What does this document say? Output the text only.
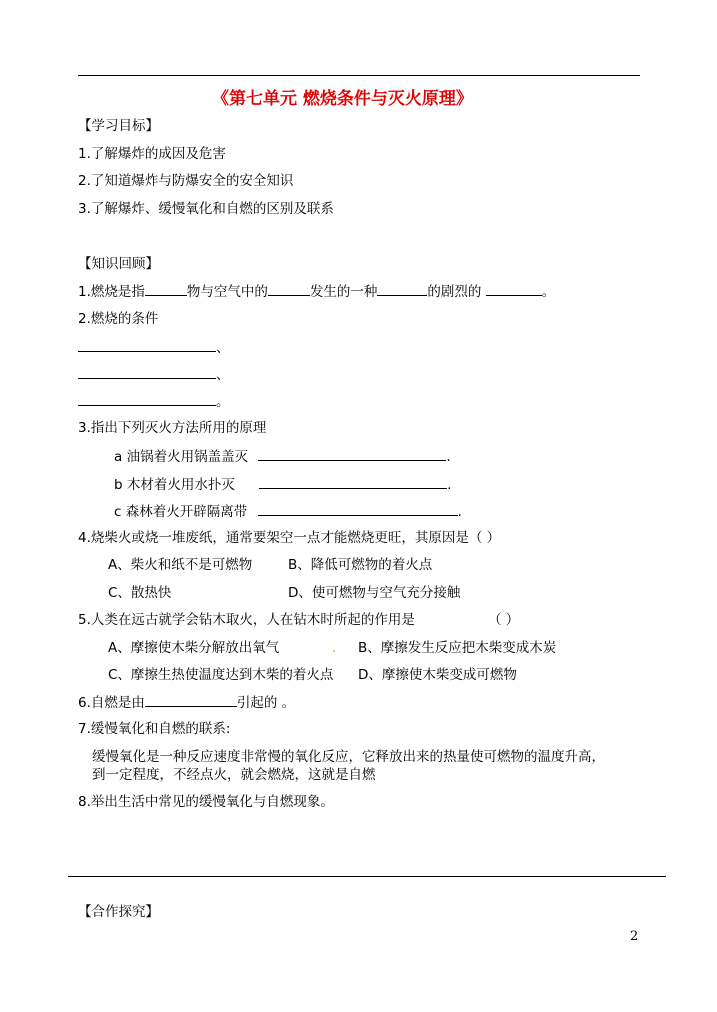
《第七单元 燃烧条件与灭火原理》
【学习目标】
1.了解爆炸的成因及危害
2.了知道爆炸与防爆安全的安全知识
3.了解爆炸、缓慢氧化和自燃的区别及联系
【知识回顾】
1.燃烧是指	物与空气中的	发生的一种	的剧烈的	。
2.燃烧的条件
、
、
。
3.指出下列灭火方法所用的原理
a 油锅着火用锅盖盖灭	.
b 木材着火用水扑灭	.
c 森林着火开辟隔离带	.
4.烧柴火或烧一堆废纸，通常要架空一点才能燃烧更旺，其原因是（ ）
A、柴火和纸不是可燃物	B、降低可燃物的着火点
C、散热快	D、使可燃物与空气充分接触
5.人类在远古就学会钻木取火，人在钻木时所起的作用是	（ ）
A、摩擦使木柴分解放出氧气	. B、摩擦发生反应把木柴变成木炭
C、摩擦生热使温度达到木柴的着火点 D、摩擦使木柴变成可燃物
6.自燃是由	引起的 。
7.缓慢氧化和自燃的联系:
缓慢氧化是一种反应速度非常慢的氧化反应，它释放出来的热量使可燃物的温度升高，
到一定程度，不经点火，就会燃烧，这就是自燃
8.举出生活中常见的缓慢氧化与自燃现象。
【合作探究】
2
